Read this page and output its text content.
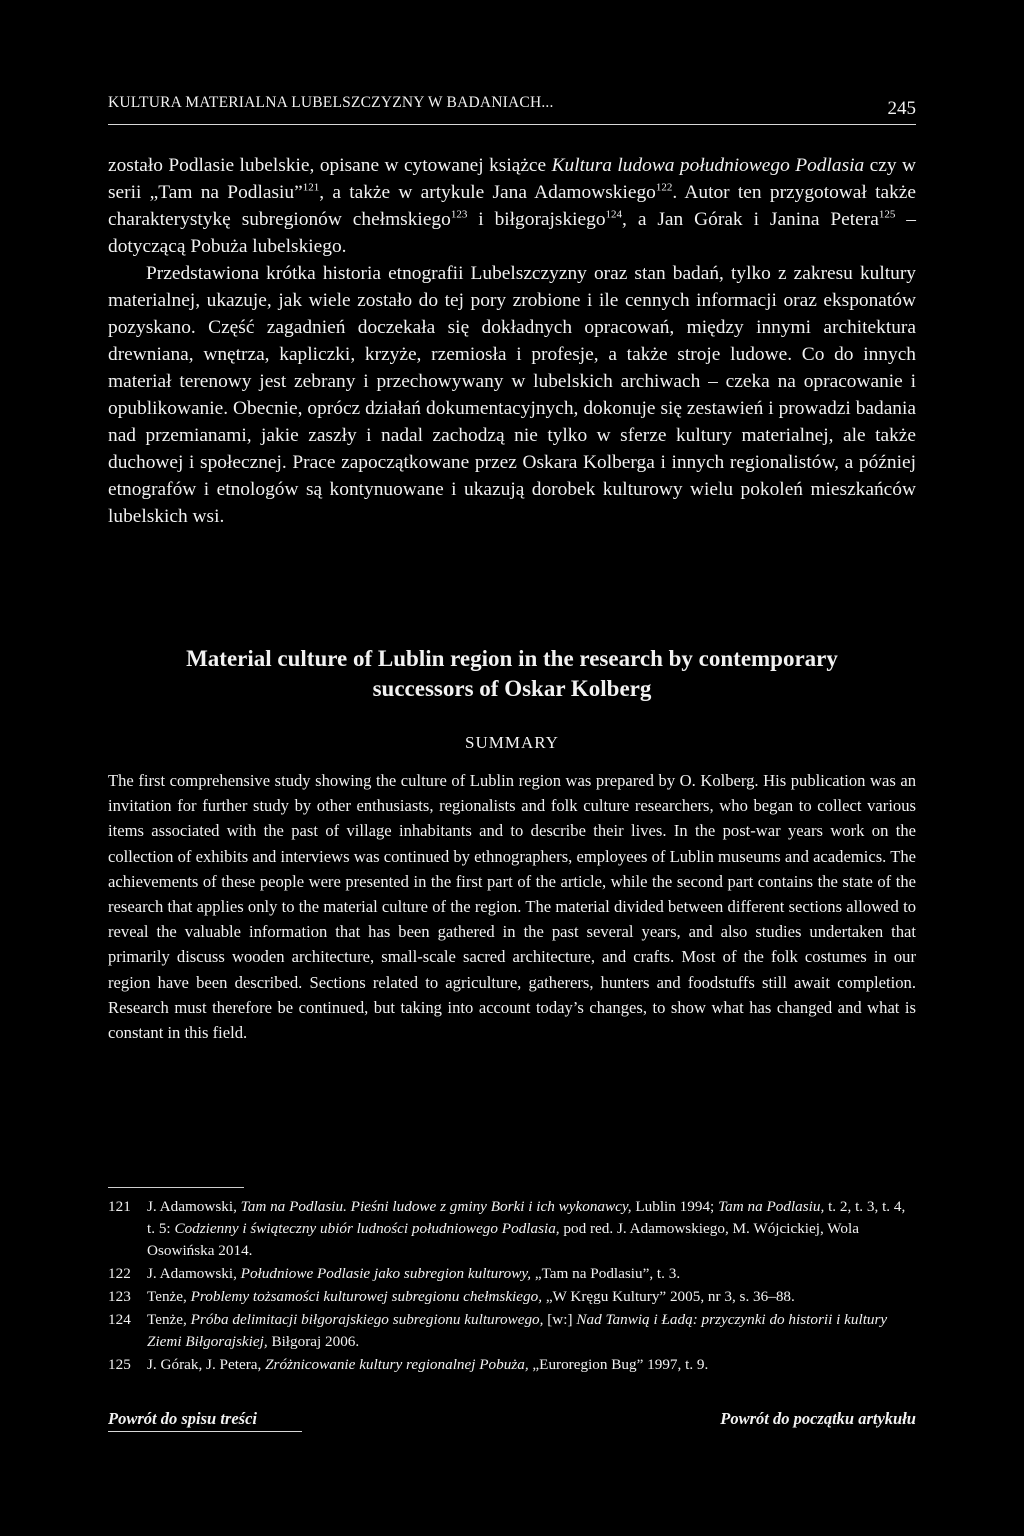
KULTURA MATERIALNA LUBELSZCZYZNY W BADANIACH...	245

zostało Podlasie lubelskie, opisane w cytowanej książce Kultura ludowa południowego Podlasia czy w serii „Tam na Podlasiu”$^{121}$, a także w artykule Jana Adamowskiego$^{122}$. Autor ten przygotował także charakterystykę subregionów chełmskiego$^{123}$ i biłgorajskiego$^{124}$, a Jan Górak i Janina Petera$^{125}$ – dotyczącą Pobuża lubelskiego.

Przedstawiona krótka historia etnografii Lubelszczyzny oraz stan badań, tylko z zakresu kultury materialnej, ukazuje, jak wiele zostało do tej pory zrobione i ile cennych informacji oraz eksponatów pozyskano. Część zagadnień doczekała się dokładnych opracowań, między innymi architektura drewniana, wnętrza, kapliczki, krzyże, rzemiosła i profesje, a także stroje ludowe. Co do innych materiał terenowy jest zebrany i przechowywany w lubelskich archiwach – czeka na opracowanie i opublikowanie. Obecnie, oprócz działań dokumentacyjnych, dokonuje się zestawień i prowadzi badania nad przemianami, jakie zaszły i nadal zachodzą nie tylko w sferze kultury materialnej, ale także duchowej i społecznej. Prace zapoczątkowane przez Oskara Kolberga i innych regionalistów, a później etnografów i etnologów są kontynuowane i ukazują dorobek kulturowy wielu pokoleń mieszkańców lubelskich wsi.

Material culture of Lublin region in the research by contemporary
successors of Oskar Kolberg
SUMMARY

The first comprehensive study showing the culture of Lublin region was prepared by O. Kolberg. His publication was an invitation for further study by other enthusiasts, regionalists and folk culture researchers, who began to collect various items associated with the past of village inhabitants and to describe their lives. In the post-war years work on the collection of exhibits and interviews was continued by ethnographers, employees of Lublin museums and academics. The achievements of these people were presented in the first part of the article, while the second part contains the state of the research that applies only to the material culture of the region. The material divided between different sections allowed to reveal the valuable information that has been gathered in the past several years, and also studies undertaken that primarily discuss wooden architecture, small-scale sacred architecture, and crafts. Most of the folk costumes in our region have been described. Sections related to agriculture, gatherers, hunters and foodstuffs still await completion. Research must therefore be continued, but taking into account today’s changes, to show what has changed and what is constant in this field.

121	J. Adamowski, Tam na Podlasiu. Pieśni ludowe z gminy Borki i ich wykonawcy, Lublin 1994; Tam na Podlasiu, t. 2, t. 3, t. 4, t. 5: Codzienny i świąteczny ubiór ludności południowego Podlasia, pod red. J. Adamowskiego, M. Wójcickiej, Wola Osowińska 2014.
122	J. Adamowski, Południowe Podlasie jako subregion kulturowy, „Tam na Podlasiu”, t. 3.
123	Tenże, Problemy tożsamości kulturowej subregionu chełmskiego, „W Kręgu Kultury” 2005, nr 3, s. 36–88.
124	Tenże, Próba delimitacji biłgorajskiego subregionu kulturowego, [w:] Nad Tanwią i Ładą: przyczynki do historii i kultury Ziemi Biłgorajskiej, Biłgoraj 2006.
125	J. Górak, J. Petera, Zróżnicowanie kultury regionalnej Pobuża, „Euroregion Bug” 1997, t. 9.
Powrót do spisu treści	Powrót do początku artykułu
